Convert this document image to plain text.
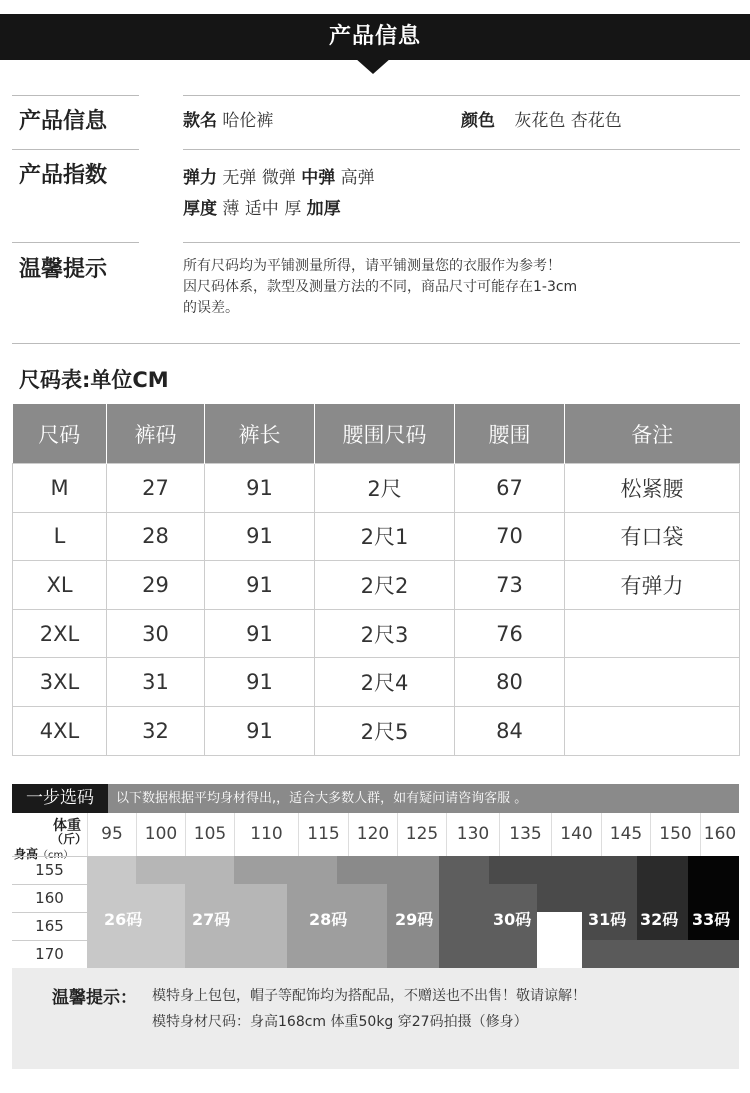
产品信息
产品信息	款名 哈伦裤	颜色 灰花色 杏花色
产品指数	弹力 无弹 微弹 中弹 高弹
厚度 薄 适中 厚 加厚
温馨提示	所有尺码均为平铺测量所得，请平铺测量您的衣服作为参考！
因尺码体系，款型及测量方法的不同，商品尺寸可能存在1-3cm
的误差。
尺码表:单位CM
尺码	裤码	裤长	腰围尺码	腰围	备注
M	27	91	2尺	67	松紧腰
L	28	91	2尺1	70	有口袋
XL	29	91	2尺2	73	有弹力
2XL	30	91	2尺3	76	
3XL	31	91	2尺4	80	
4XL	32	91	2尺5	84	
一步选码	以下数据根据平均身材得出,，适合大多数人群，如有疑问请咨询客服 。
体重
（斤）
身高（cm）
95	100 105	110	115	120 125	130	135	140	145	150 160
155
160
165
170
26码	27码	28码	29码	30码	31码 32码 33码
温馨提示： 模特身上包包，帽子等配饰均为搭配品，不赠送也不出售！敬请谅解！
模特身材尺码：身高168cm 体重50kg 穿27码拍摄（修身）
